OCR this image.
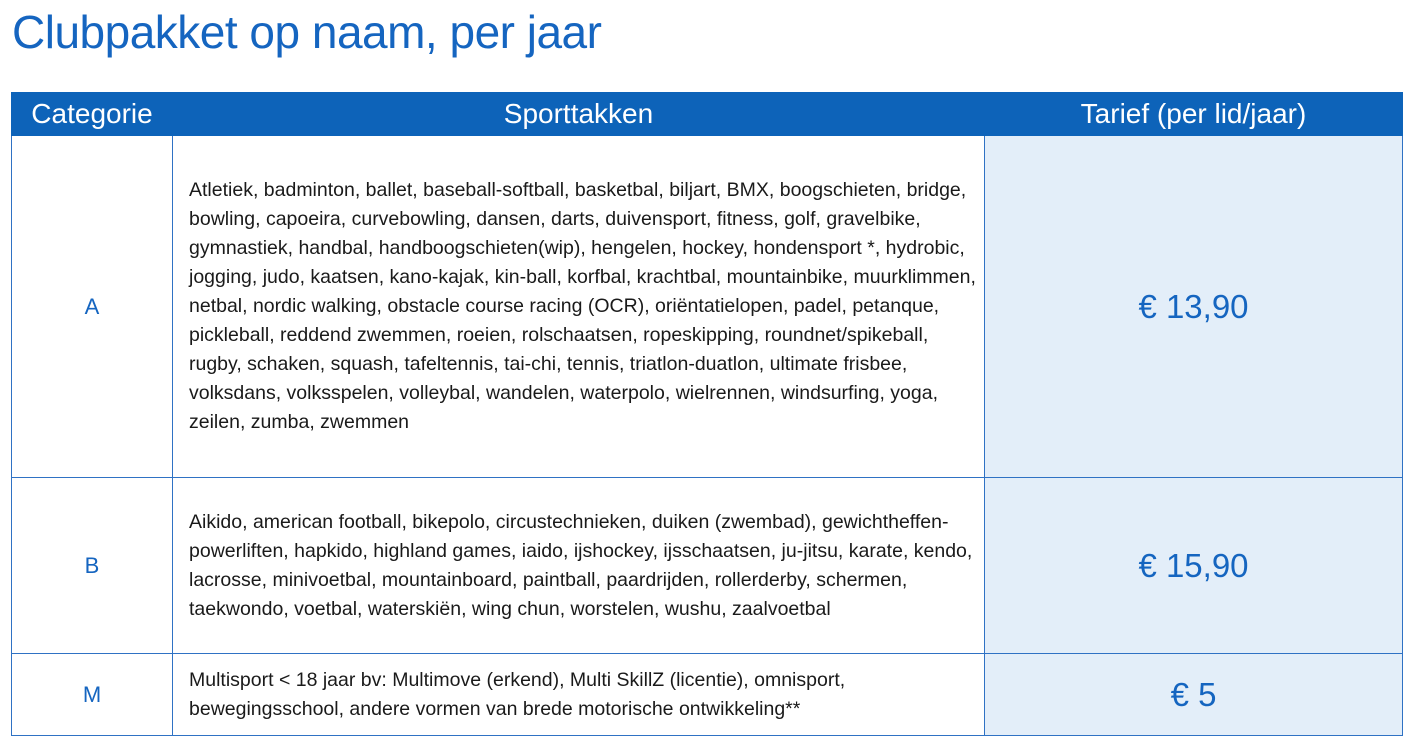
Clubpakket op naam, per jaar
Categorie	Sporttakken	Tarief (per lid/jaar)
A	Atletiek, badminton, ballet, baseball-softball, basketbal, biljart, BMX, boogschieten, bridge, bowling, capoeira, curvebowling, dansen, darts, duivensport, fitness, golf, gravelbike, gymnastiek, handbal, handboogschieten(wip), hengelen, hockey, hondensport *, hydrobic, jogging, judo, kaatsen, kano-kajak, kin-ball, korfbal, krachtbal, mountainbike, muurklimmen, netbal, nordic walking, obstacle course racing (OCR), oriëntatielopen, padel, petanque, pickleball, reddend zwemmen, roeien, rolschaatsen, ropeskipping, roundnet/spikeball, rugby, schaken, squash, tafeltennis, tai-chi, tennis, triatlon-duatlon, ultimate frisbee, volksdans, volksspelen, volleybal, wandelen, waterpolo, wielrennen, windsurfing, yoga, zeilen, zumba, zwemmen	€ 13,90
B	Aikido, american football, bikepolo, circustechnieken, duiken (zwembad), gewichtheffen-powerliften, hapkido, highland games, iaido, ijshockey, ijsschaatsen, ju-jitsu, karate, kendo, lacrosse, minivoetbal, mountainboard, paintball, paardrijden, rollerderby, schermen, taekwondo, voetbal, waterskiën, wing chun, worstelen, wushu, zaalvoetbal	€ 15,90
M	Multisport < 18 jaar bv: Multimove (erkend), Multi SkillZ (licentie), omnisport, bewegingsschool, andere vormen van brede motorische ontwikkeling**	€ 5
